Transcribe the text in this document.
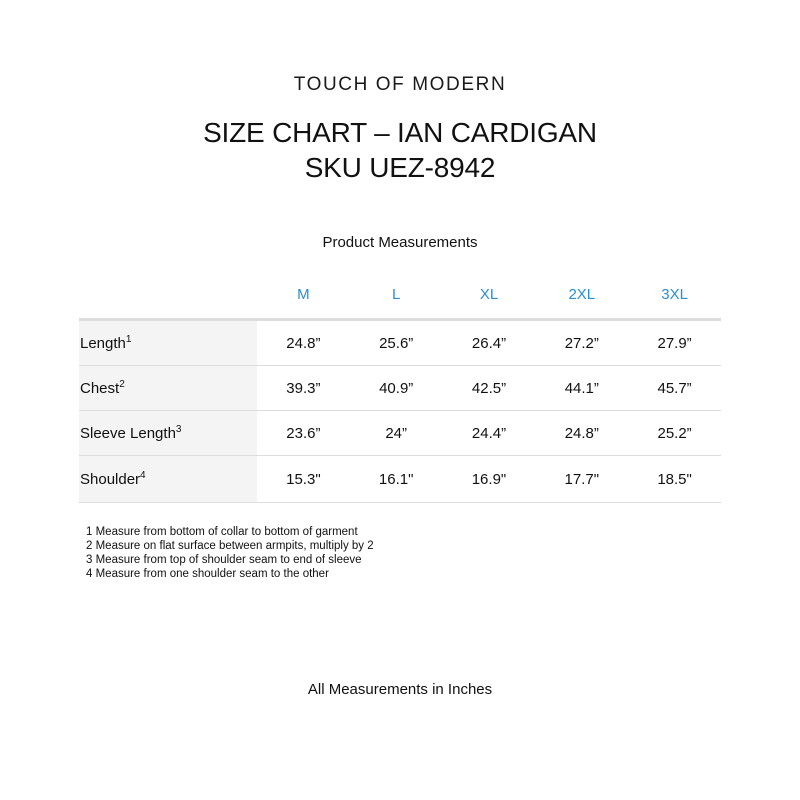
TOUCH OF MODERN
SIZE CHART – IAN CARDIGAN
SKU UEZ-8942
Product Measurements
	M	L	XL	2XL	3XL
Length$^1$	24.8”	25.6”	26.4”	27.2”	27.9”
Chest$^2$	39.3”	40.9”	42.5”	44.1”	45.7”
Sleeve Length$^3$	23.6”	24”	24.4”	24.8”	25.2”
Shoulder$^4$	15.3"	16.1"	16.9"	17.7"	18.5"
1 Measure from bottom of collar to bottom of garment
2 Measure on flat surface between armpits, multiply by 2
3 Measure from top of shoulder seam to end of sleeve
4 Measure from one shoulder seam to the other
All Measurements in Inches
